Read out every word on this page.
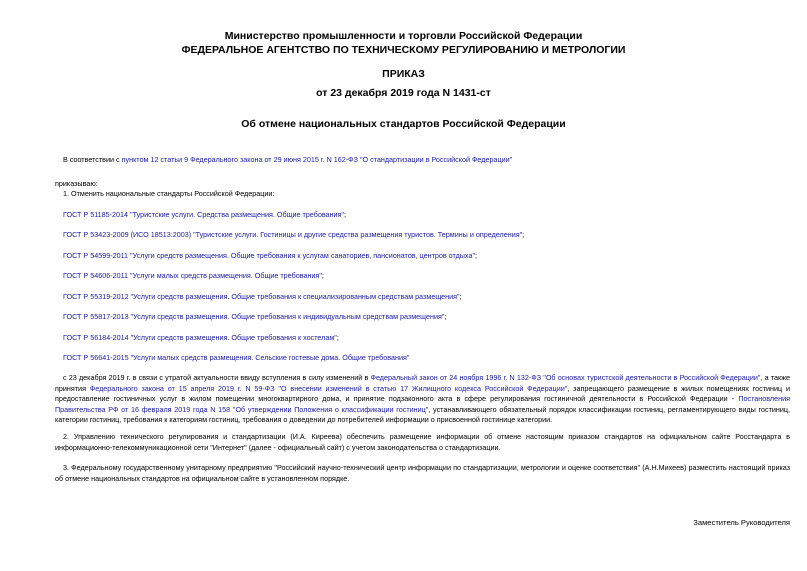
Министерство промышленности и торговли Российской Федерации
ФЕДЕРАЛЬНОЕ АГЕНТСТВО ПО ТЕХНИЧЕСКОМУ РЕГУЛИРОВАНИЮ И МЕТРОЛОГИИ
ПРИКАЗ
от 23 декабря 2019 года N 1431-ст
Об отмене национальных стандартов Российской Федерации
В соответствии с пунктом 12 статьи 9 Федерального закона от 29 июня 2015 г. N 162-ФЗ "О стандартизации в Российской Федерации"
приказываю:
1. Отменить национальные стандарты Российской Федерации:
ГОСТ Р 51185-2014 "Туристские услуги. Средства размещения. Общие требования";
ГОСТ Р 53423-2009 (ИСО 18513:2003) "Туристские услуги. Гостиницы и другие средства размещения туристов. Термины и определения";
ГОСТ Р 54599-2011 "Услуги средств размещения. Общие требования к услугам санаториев, пансионатов, центров отдыха";
ГОСТ Р 54606-2011 "Услуги малых средств размещения. Общие требования";
ГОСТ Р 55319-2012 "Услуги средств размещения. Общие требования к специализированным средствам размещения";
ГОСТ Р 55817-2013 "Услуги средств размещения. Общие требования к индивидуальным средствам размещения";
ГОСТ Р 56184-2014 "Услуги средств размещения. Общие требования к хостелам";
ГОСТ Р 56641-2015 "Услуги малых средств размещения. Сельские гостевые дома. Общие требования"
с 23 декабря 2019 г. в связи с утратой актуальности ввиду вступления в силу изменений в Федеральный закон от 24 ноября 1996 г. N 132-ФЗ "Об основах туристской деятельности в Российской Федерации", а также принятия Федерального закона от 15 апреля 2019 г. N 59-ФЗ "О внесении изменений в статью 17 Жилищного кодекса Российской Федерации", запрещающего размещение в жилых помещениях гостиниц и предоставление гостиничных услуг в жилом помещении многоквартирного дома, и принятие подзаконного акта в сфере регулирования гостиничной деятельности в Российской Федерации - Постановления Правительства РФ от 16 февраля 2019 года N 158 "Об утверждении Положения о классификации гостиниц", устанавливающего обязательный порядок классификации гостиниц, регламентирующего виды гостиниц, категории гостиниц, требования к категориям гостиниц, требования о доведении до потребителей информации о присвоенной гостинице категории.
2. Управлению технического регулирования и стандартизации (И.А. Киреева) обеспечить размещение информации об отмене настоящим приказом стандартов на официальном сайте Росстандарта в информационно-телекоммуникационной сети "Интернет" (далее - официальный сайт) с учетом законодательства о стандартизации.
3. Федеральному государственному унитарному предприятию "Российский научно-технический центр информации по стандартизации, метрологии и оценке соответствия" (А.Н.Михеев) разместить настоящий приказ об отмене национальных стандартов на официальном сайте в установленном порядке.
Заместитель Руководителя
